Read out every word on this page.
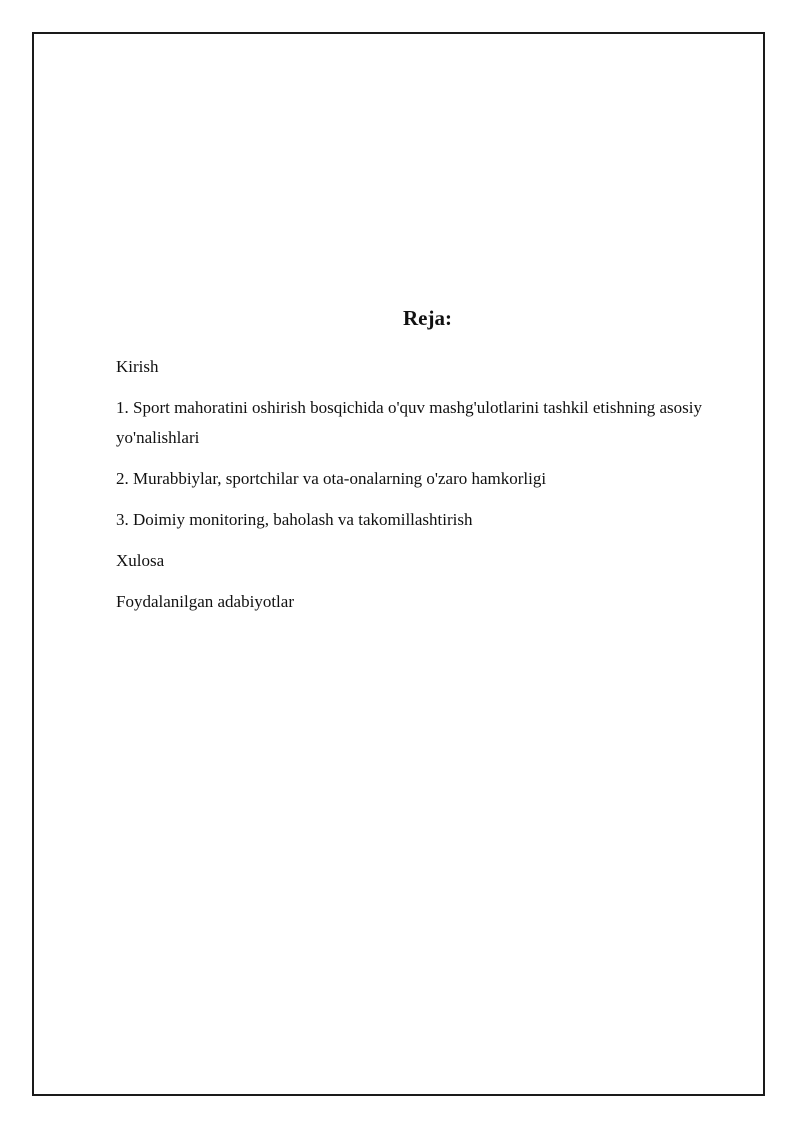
Reja:
Kirish
1. Sport mahoratini oshirish bosqichida o'quv mashg'ulotlarini tashkil etishning asosiy yo'nalishlari
2. Murabbiylar, sportchilar va ota-onalarning o'zaro hamkorligi
3. Doimiy monitoring, baholash va takomillashtirish
Xulosa
Foydalanilgan adabiyotlar
